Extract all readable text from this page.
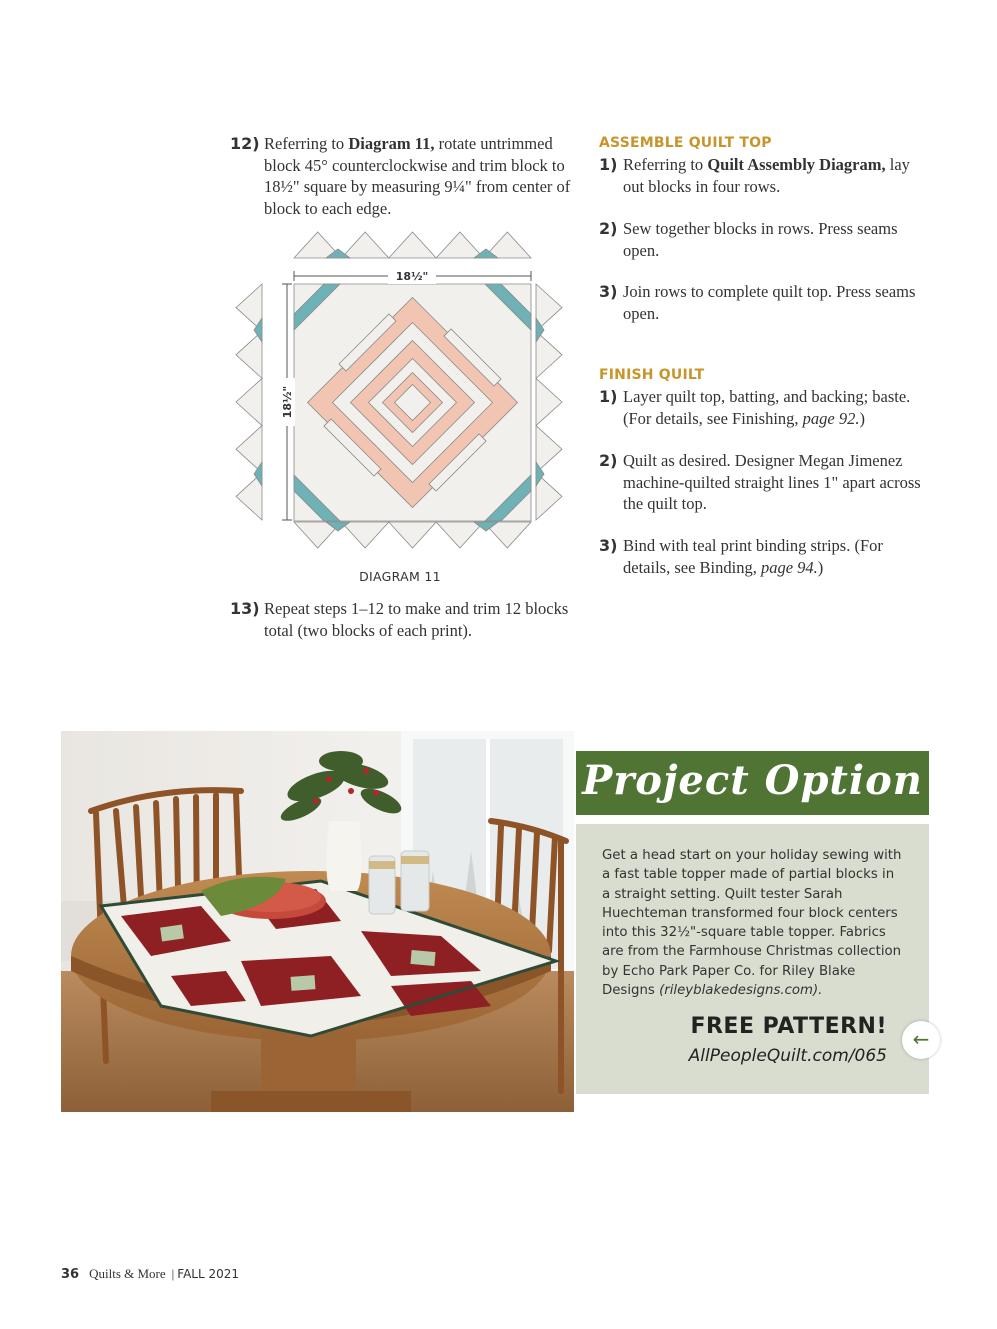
12) Referring to Diagram 11, rotate untrimmed block 45° counterclockwise and trim block to 18½" square by measuring 9¼" from center of block to each edge.
18½"
18½"
DIAGRAM 11
13) Repeat steps 1–12 to make and trim 12 blocks total (two blocks of each print).
ASSEMBLE QUILT TOP
1) Referring to Quilt Assembly Diagram, lay out blocks in four rows.
2) Sew together blocks in rows. Press seams open.
3) Join rows to complete quilt top. Press seams open.
FINISH QUILT
1) Layer quilt top, batting, and backing; baste. (For details, see Finishing, page 92.)
2) Quilt as desired. Designer Megan Jimenez machine-quilted straight lines 1" apart across the quilt top.
3) Bind with teal print binding strips. (For details, see Binding, page 94.)
Project Option
Get a head start on your holiday sewing with a fast table topper made of partial blocks in a straight setting. Quilt tester Sarah Huechteman transformed four block centers into this 32½"-square table topper. Fabrics are from the Farmhouse Christmas collection by Echo Park Paper Co. for Riley Blake Designs (rileyblakedesigns.com).
FREE PATTERN!
AllPeopleQuilt.com/065
←
36 Quilts & More | FALL 2021
